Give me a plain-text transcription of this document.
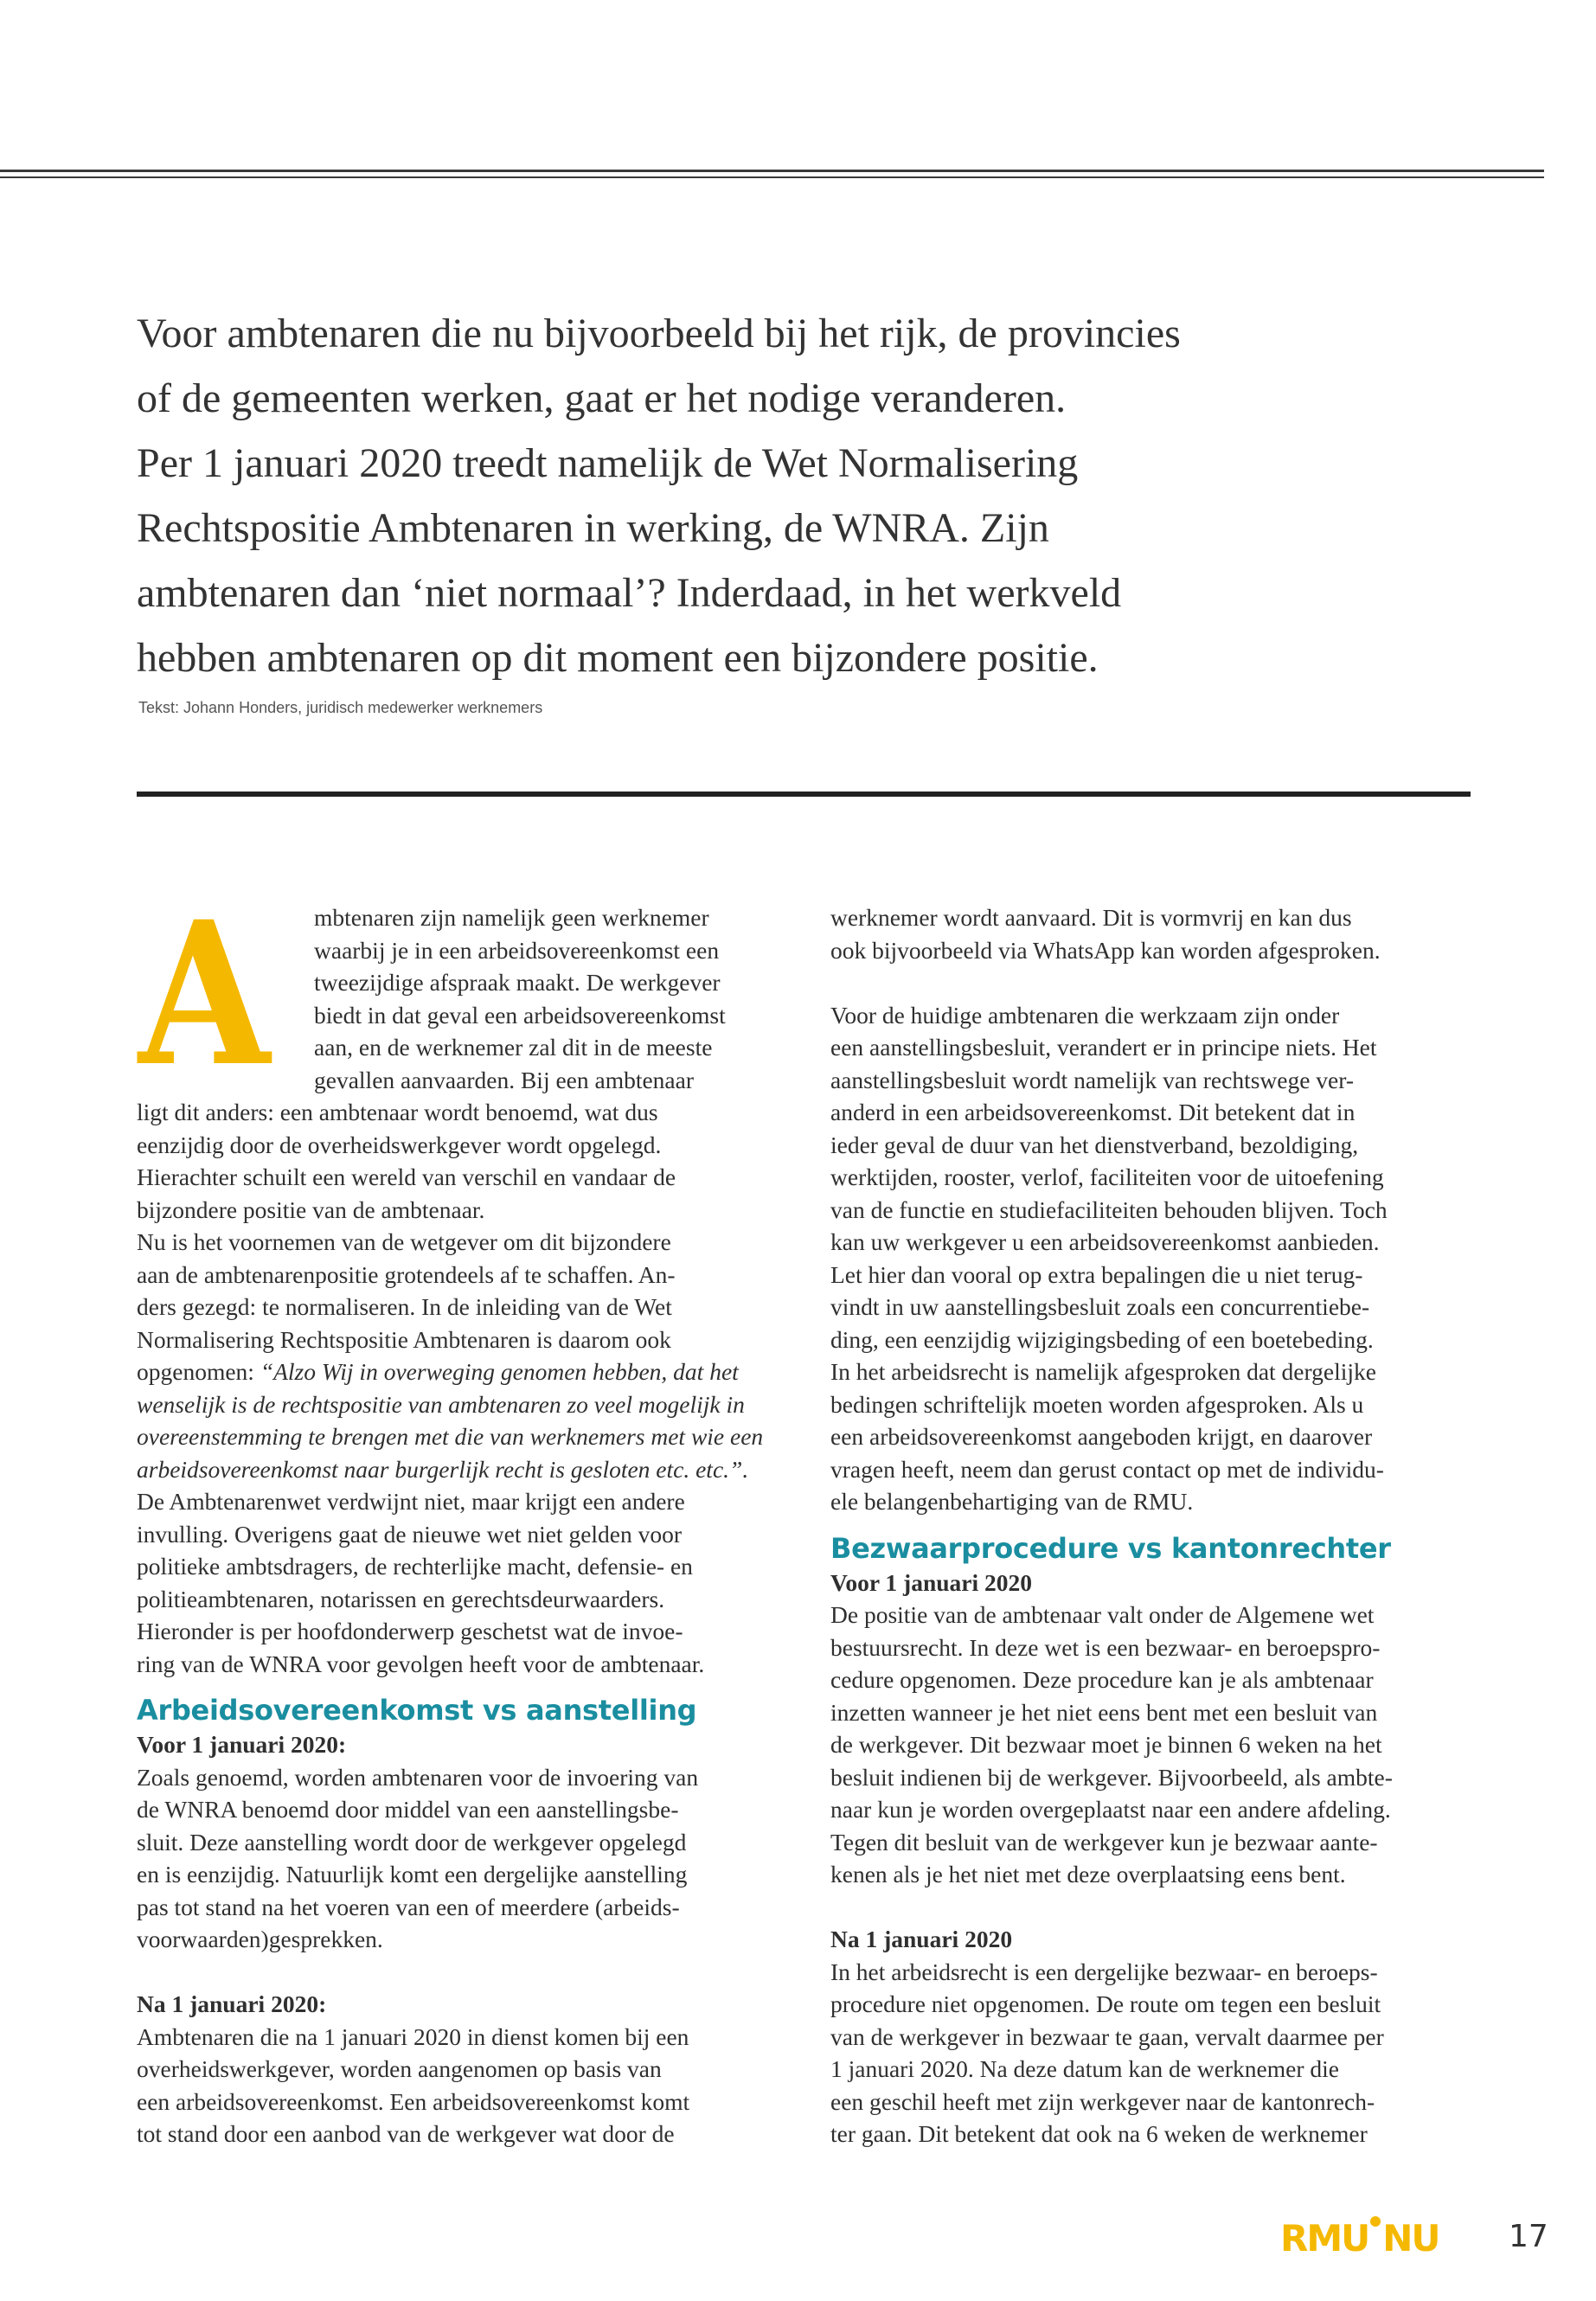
Voor ambtenaren die nu bijvoorbeeld bij het rijk, de provincies
of de gemeenten werken, gaat er het nodige veranderen.
Per 1 januari 2020 treedt namelijk de Wet Normalisering
Rechtspositie Ambtenaren in werking, de WNRA. Zijn
ambtenaren dan ‘niet normaal’? Inderdaad, in het werkveld
hebben ambtenaren op dit moment een bijzondere positie.
Tekst: Johann Honders, juridisch medewerker werknemers
A	mbtenaren zijn namelijk geen werknemer
waarbij je in een arbeidsovereenkomst een
tweezijdige afspraak maakt. De werkgever
biedt in dat geval een arbeidsovereenkomst
aan, en de werknemer zal dit in de meeste
gevallen aanvaarden. Bij een ambtenaar
ligt dit anders: een ambtenaar wordt benoemd, wat dus
eenzijdig door de overheidswerkgever wordt opgelegd.
Hierachter schuilt een wereld van verschil en vandaar de
bijzondere positie van de ambtenaar.
Nu is het voornemen van de wetgever om dit bijzondere
aan de ambtenarenpositie grotendeels af te schaffen. An-
ders gezegd: te normaliseren. In de inleiding van de Wet
Normalisering Rechtspositie Ambtenaren is daarom ook
opgenomen: “Alzo Wij in overweging genomen hebben, dat het
wenselijk is de rechtspositie van ambtenaren zo veel mogelijk in
overeenstemming te brengen met die van werknemers met wie een
arbeidsovereenkomst naar burgerlijk recht is gesloten etc. etc.”.
De Ambtenarenwet verdwijnt niet, maar krijgt een andere
invulling. Overigens gaat de nieuwe wet niet gelden voor
politieke ambtsdragers, de rechterlijke macht, defensie- en
politieambtenaren, notarissen en gerechtsdeurwaarders.
Hieronder is per hoofdonderwerp geschetst wat de invoe-
ring van de WNRA voor gevolgen heeft voor de ambtenaar.
Arbeidsovereenkomst vs aanstelling
Voor 1 januari 2020:
Zoals genoemd, worden ambtenaren voor de invoering van
de WNRA benoemd door middel van een aanstellingsbe-
sluit. Deze aanstelling wordt door de werkgever opgelegd
en is eenzijdig. Natuurlijk komt een dergelijke aanstelling
pas tot stand na het voeren van een of meerdere (arbeids-
voorwaarden)gesprekken.
Na 1 januari 2020:
Ambtenaren die na 1 januari 2020 in dienst komen bij een
overheidswerkgever, worden aangenomen op basis van
een arbeidsovereenkomst. Een arbeidsovereenkomst komt
tot stand door een aanbod van de werkgever wat door de
werknemer wordt aanvaard. Dit is vormvrij en kan dus
ook bijvoorbeeld via WhatsApp kan worden afgesproken.
Voor de huidige ambtenaren die werkzaam zijn onder
een aanstellingsbesluit, verandert er in principe niets. Het
aanstellingsbesluit wordt namelijk van rechtswege ver-
anderd in een arbeidsovereenkomst. Dit betekent dat in
ieder geval de duur van het dienstverband, bezoldiging,
werktijden, rooster, verlof, faciliteiten voor de uitoefening
van de functie en studiefaciliteiten behouden blijven. Toch
kan uw werkgever u een arbeidsovereenkomst aanbieden.
Let hier dan vooral op extra bepalingen die u niet terug-
vindt in uw aanstellingsbesluit zoals een concurrentiebe-
ding, een eenzijdig wijzigingsbeding of een boetebeding.
In het arbeidsrecht is namelijk afgesproken dat dergelijke
bedingen schriftelijk moeten worden afgesproken. Als u
een arbeidsovereenkomst aangeboden krijgt, en daarover
vragen heeft, neem dan gerust contact op met de individu-
ele belangenbehartiging van de RMU.
Bezwaarprocedure vs kantonrechter
Voor 1 januari 2020
De positie van de ambtenaar valt onder de Algemene wet
bestuursrecht. In deze wet is een bezwaar- en beroepspro-
cedure opgenomen. Deze procedure kan je als ambtenaar
inzetten wanneer je het niet eens bent met een besluit van
de werkgever. Dit bezwaar moet je binnen 6 weken na het
besluit indienen bij de werkgever. Bijvoorbeeld, als ambte-
naar kun je worden overgeplaatst naar een andere afdeling.
Tegen dit besluit van de werkgever kun je bezwaar aante-
kenen als je het niet met deze overplaatsing eens bent.
Na 1 januari 2020
In het arbeidsrecht is een dergelijke bezwaar- en beroeps-
procedure niet opgenomen. De route om tegen een besluit
van de werkgever in bezwaar te gaan, vervalt daarmee per
1 januari 2020. Na deze datum kan de werknemer die
een geschil heeft met zijn werkgever naar de kantonrech-
ter gaan. Dit betekent dat ook na 6 weken de werknemer
RMU NU 17
